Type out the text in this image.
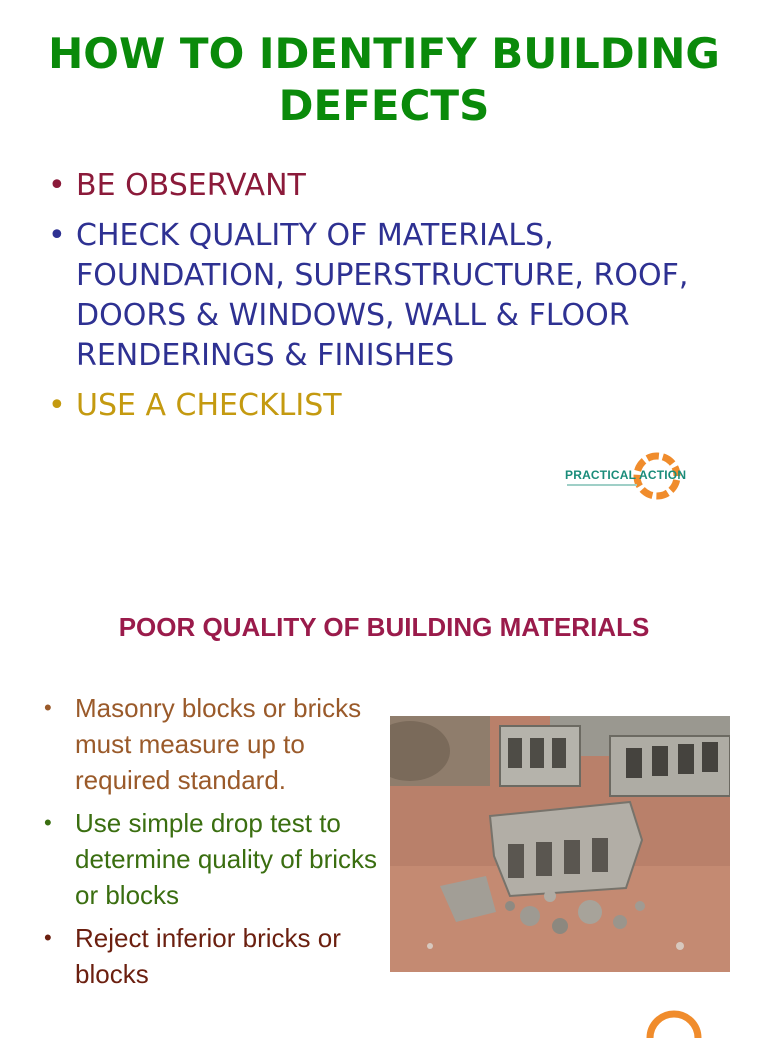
HOW TO IDENTIFY BUILDING DEFECTS
• BE OBSERVANT
• CHECK QUALITY OF MATERIALS, FOUNDATION, SUPERSTRUCTURE, ROOF, DOORS & WINDOWS, WALL & FLOOR RENDERINGS & FINISHES
• USE A CHECKLIST
PRACTICAL ACTION
POOR QUALITY OF BUILDING MATERIALS
• Masonry blocks or bricks must measure up to required standard.
• Use simple drop test to determine quality of bricks or blocks
• Reject inferior bricks or blocks
